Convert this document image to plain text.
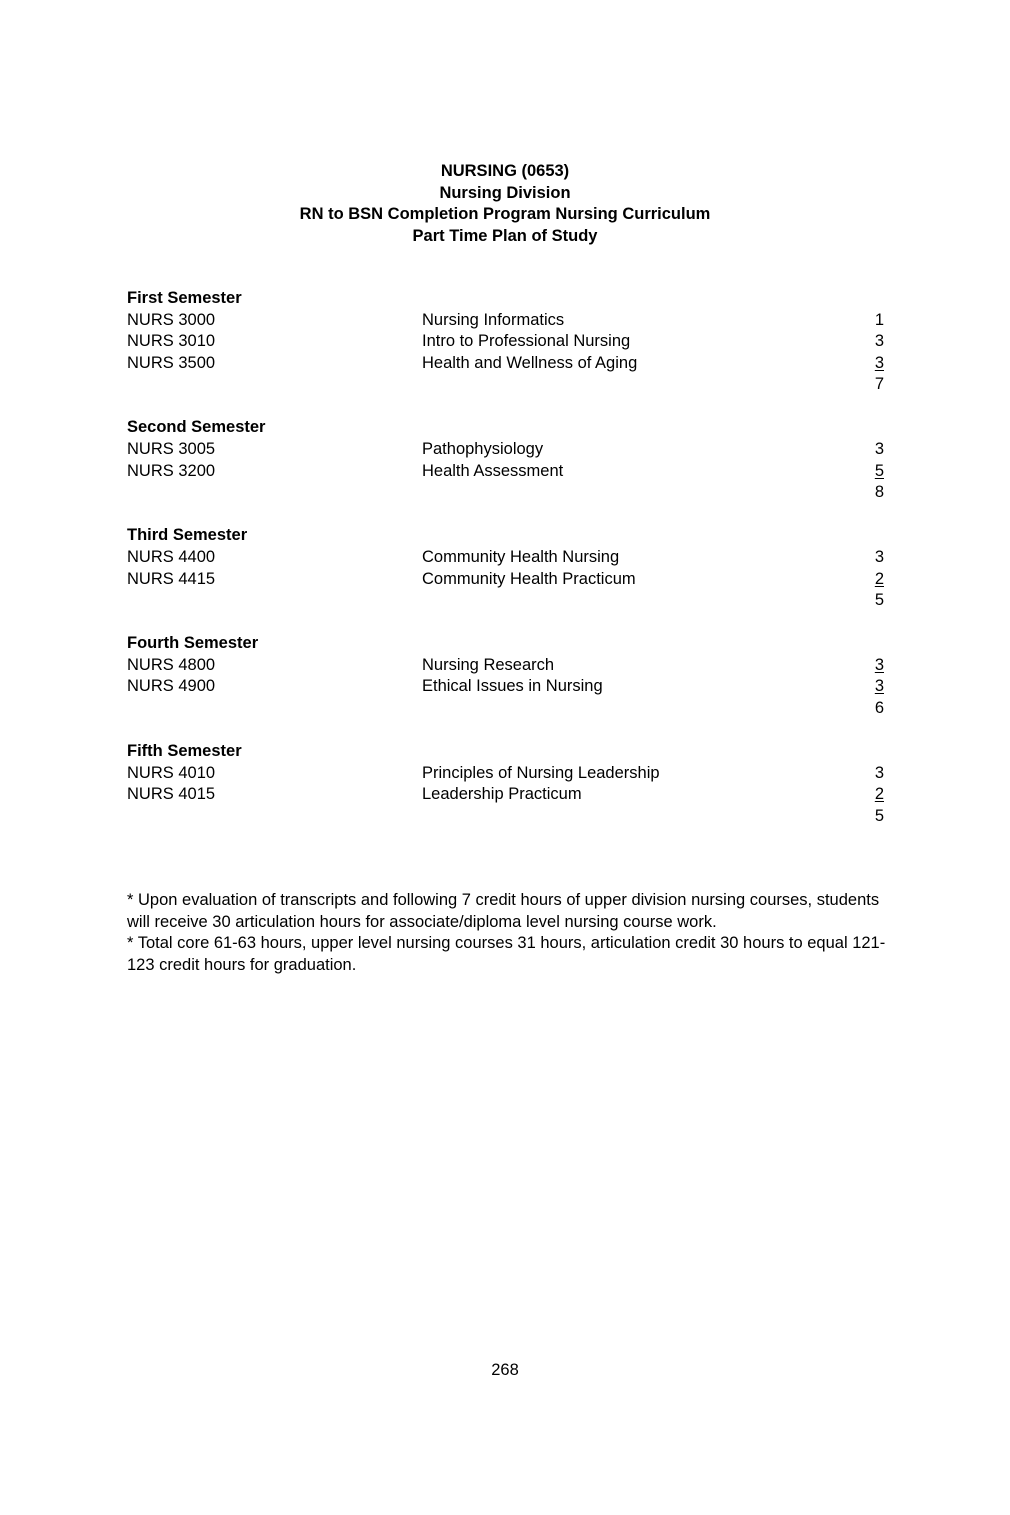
NURSING (0653)
Nursing Division
RN to BSN Completion Program Nursing Curriculum
Part Time Plan of Study
First Semester
NURS 3000	Nursing Informatics	1
NURS 3010	Intro to Professional Nursing	3
NURS 3500	Health and Wellness of Aging	3
7
Second Semester
NURS 3005	Pathophysiology	3
NURS 3200	Health Assessment	5
8
Third Semester
NURS 4400	Community Health Nursing	3
NURS 4415	Community Health Practicum	2
5
Fourth Semester
NURS 4800	Nursing Research	3
NURS 4900	Ethical Issues in Nursing	3
6
Fifth Semester
NURS 4010	Principles of Nursing Leadership	3
NURS 4015	Leadership Practicum	2
5

* Upon evaluation of transcripts and following 7 credit hours of upper division nursing courses, students will receive 30 articulation hours for associate/diploma level nursing course work.

* Total core 61-63 hours, upper level nursing courses 31 hours, articulation credit 30 hours to equal 121-123 credit hours for graduation.

268
